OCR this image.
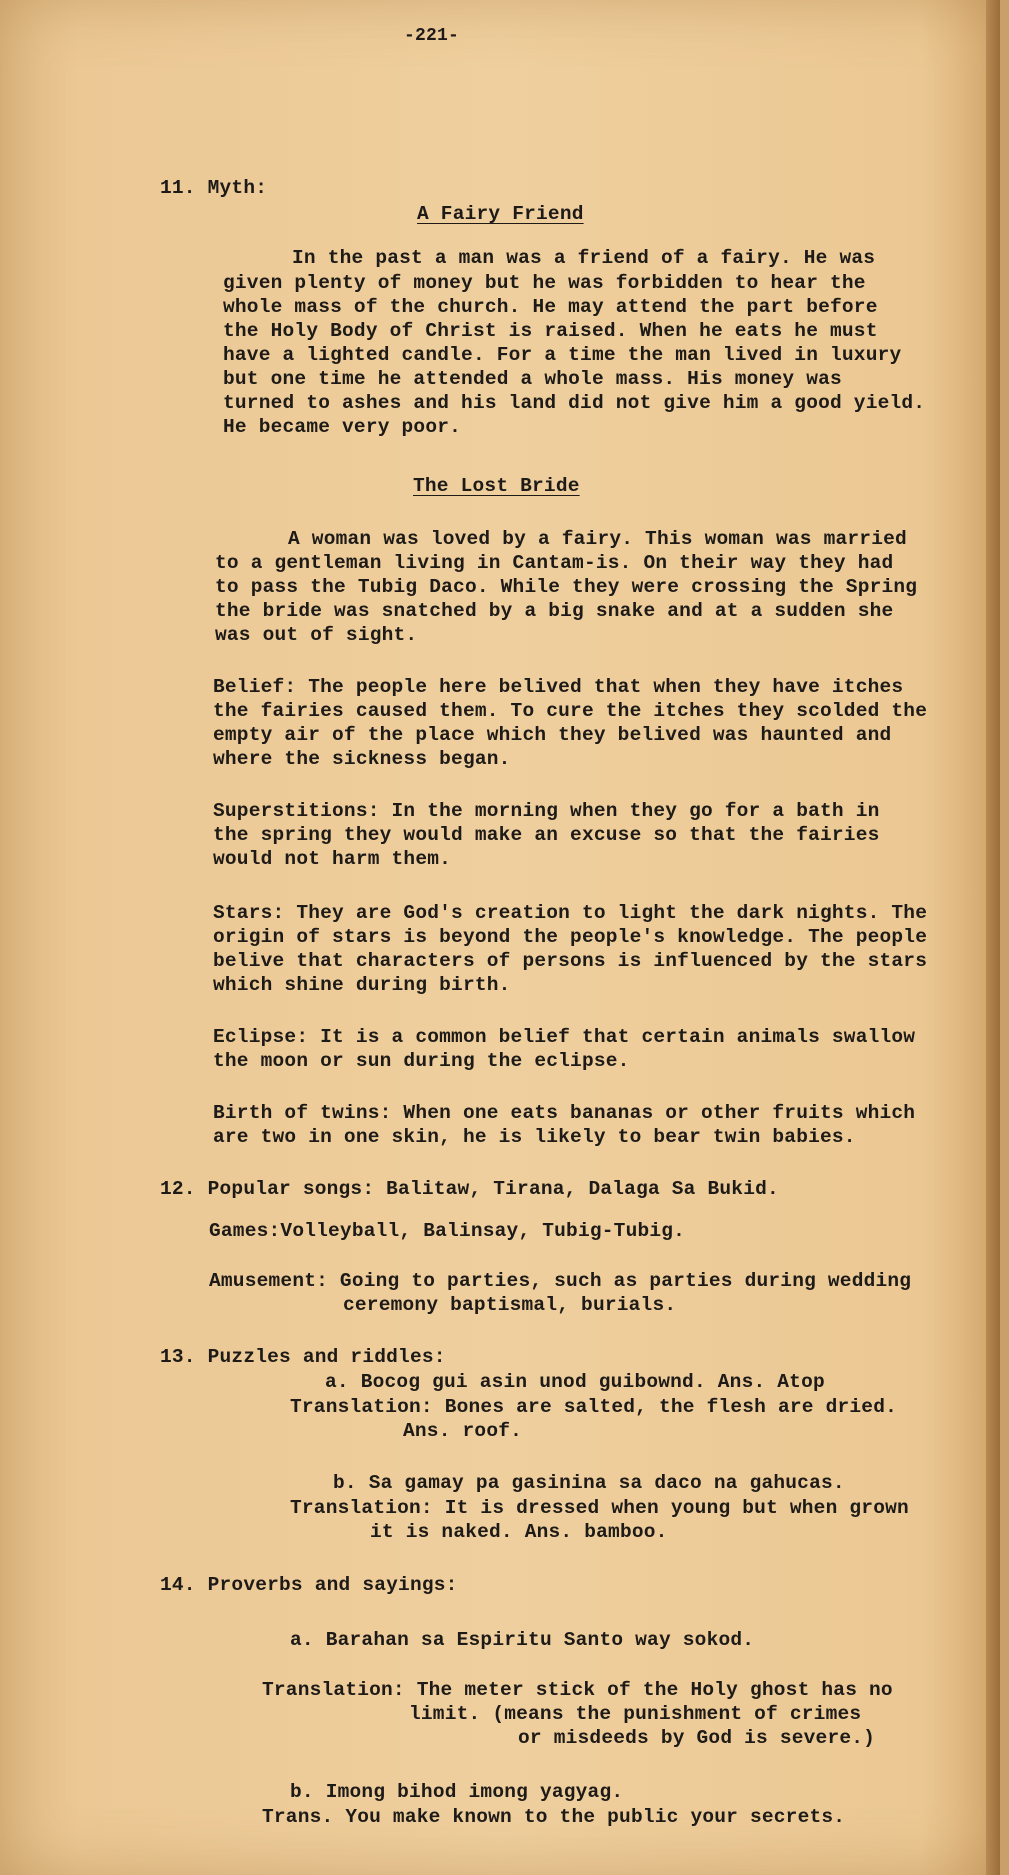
-221-
11. Myth:
A Fairy Friend
In the past a man was a friend of a fairy. He was
given plenty of money but he was forbidden to hear the
whole mass of the church. He may attend the part before
the Holy Body of Christ is raised. When he eats he must
have a lighted candle. For a time the man lived in luxury
but one time he attended a whole mass. His money was
turned to ashes and his land did not give him a good yield.
He became very poor.
The Lost Bride
A woman was loved by a fairy. This woman was married
to a gentleman living in Cantam-is. On their way they had
to pass the Tubig Daco. While they were crossing the Spring
the bride was snatched by a big snake and at a sudden she
was out of sight.
Belief: The people here belived that when they have itches
the fairies caused them. To cure the itches they scolded the
empty air of the place which they belived was haunted and
where the sickness began.
Superstitions: In the morning when they go for a bath in
the spring they would make an excuse so that the fairies
would not harm them.
Stars: They are God's creation to light the dark nights. The
origin of stars is beyond the people's knowledge. The people
belive that characters of persons is influenced by the stars
which shine during birth.
Eclipse: It is a common belief that certain animals swallow
the moon or sun during the eclipse.
Birth of twins: When one eats bananas or other fruits which
are two in one skin, he is likely to bear twin babies.
12. Popular songs: Balitaw, Tirana, Dalaga Sa Bukid.
Games:Volleyball, Balinsay, Tubig-Tubig.
Amusement: Going to parties, such as parties during wedding
ceremony baptismal, burials.
13. Puzzles and riddles:
a. Bocog gui asin unod guibownd. Ans. Atop
Translation: Bones are salted, the flesh are dried.
Ans. roof.
b. Sa gamay pa gasinina sa daco na gahucas.
Translation: It is dressed when young but when grown
it is naked. Ans. bamboo.
14. Proverbs and sayings:
a. Barahan sa Espiritu Santo way sokod.
Translation: The meter stick of the Holy ghost has no
limit. (means the punishment of crimes
or misdeeds by God is severe.)
b. Imong bihod imong yagyag.
Trans. You make known to the public your secrets.
